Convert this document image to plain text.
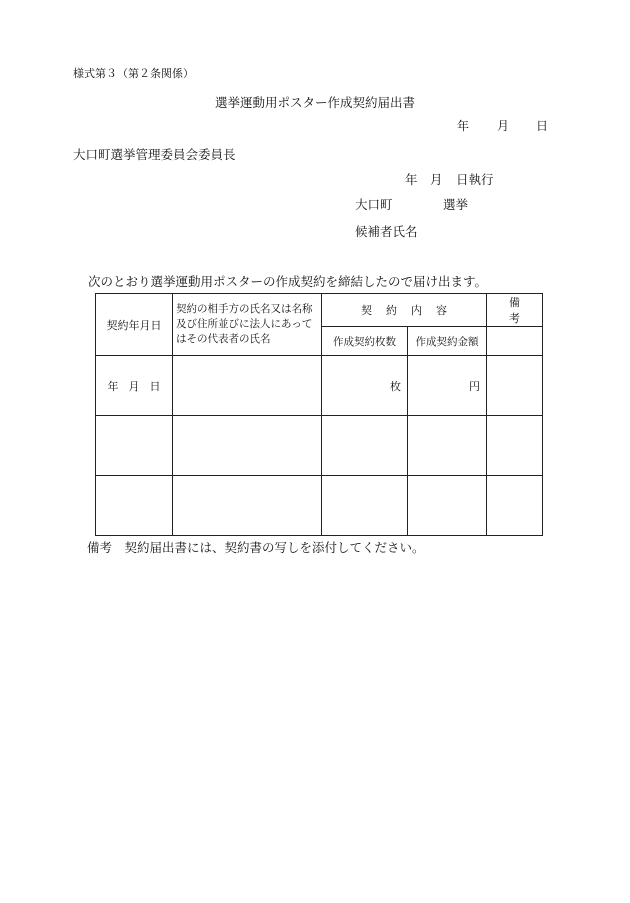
様式第３（第２条関係）
選挙運動用ポスター作成契約届出書
年 月 日
大口町選挙管理委員会委員長
年 月 日執行
大口町	選挙
候補者氏名
次のとおり選挙運動用ポスターの作成契約を締結したので届け出ます。
契約年月日	契約の相手方の氏名又は名称及び住所並びに法人にあってはその代表者の氏名	契約内容		備考
		作成契約枚数	作成契約金額	
年月日		枚	円	

備考　契約届出書には、契約書の写しを添付してください。
